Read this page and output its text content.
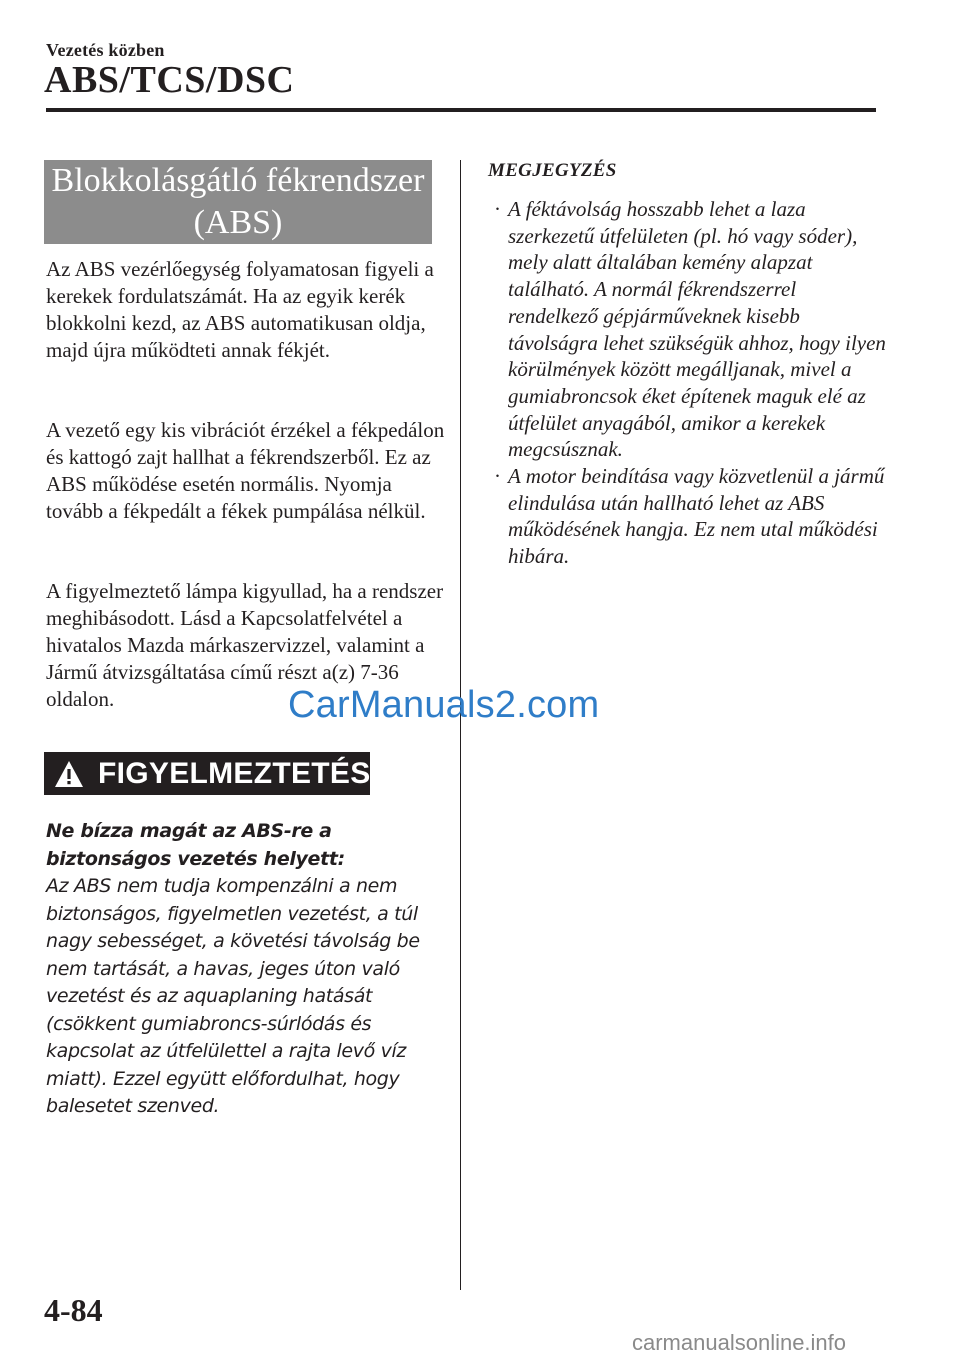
Vezetés közben
ABS/TCS/DSC
Blokkolásgátló fékrendszer
(ABS)

Az ABS vezérlőegység folyamatosan figyeli a kerekek fordulatszámát. Ha az egyik kerék blokkolni kezd, az ABS automatikusan oldja, majd újra működteti annak fékjét.

A vezető egy kis vibrációt érzékel a fékpedálon és kattogó zajt hallhat a fékrendszerből. Ez az ABS működése esetén normális. Nyomja tovább a fékpedált a fékek pumpálása nélkül.

A figyelmeztető lámpa kigyullad, ha a rendszer meghibásodott. Lásd a Kapcsolatfelvétel a hivatalos Mazda márkaszervizzel, valamint a Jármű átvizsgáltatása című részt a(z) 7-36 oldalon.

FIGYELMEZTETÉS

Ne bízza magát az ABS-re a biztonságos vezetés helyett:

Az ABS nem tudja kompenzálni a nem biztonságos, figyelmetlen vezetést, a túl nagy sebességet, a követési távolság be nem tartását, a havas, jeges úton való vezetést és az aquaplaning hatását (csökkent gumiabroncs-súrlódás és kapcsolat az útfelülettel a rajta levő víz miatt). Ezzel együtt előfordulhat, hogy balesetet szenved.

MEGJEGYZÉS
· A féktávolság hosszabb lehet a laza szerkezetű útfelületen (pl. hó vagy sóder), mely alatt általában kemény alapzat található. A normál fékrendszerrel rendelkező gépjárműveknek kisebb távolságra lehet szükségük ahhoz, hogy ilyen körülmények között megálljanak, mivel a gumiabroncsok éket építenek maguk elé az útfelület anyagából, amikor a kerekek megcsúsznak.
· A motor beindítása vagy közvetlenül a jármű elindulása után hallható lehet az ABS működésének hangja. Ez nem utal működési hibára.
4-84
CarManuals2.com
carmanualsonline.info
